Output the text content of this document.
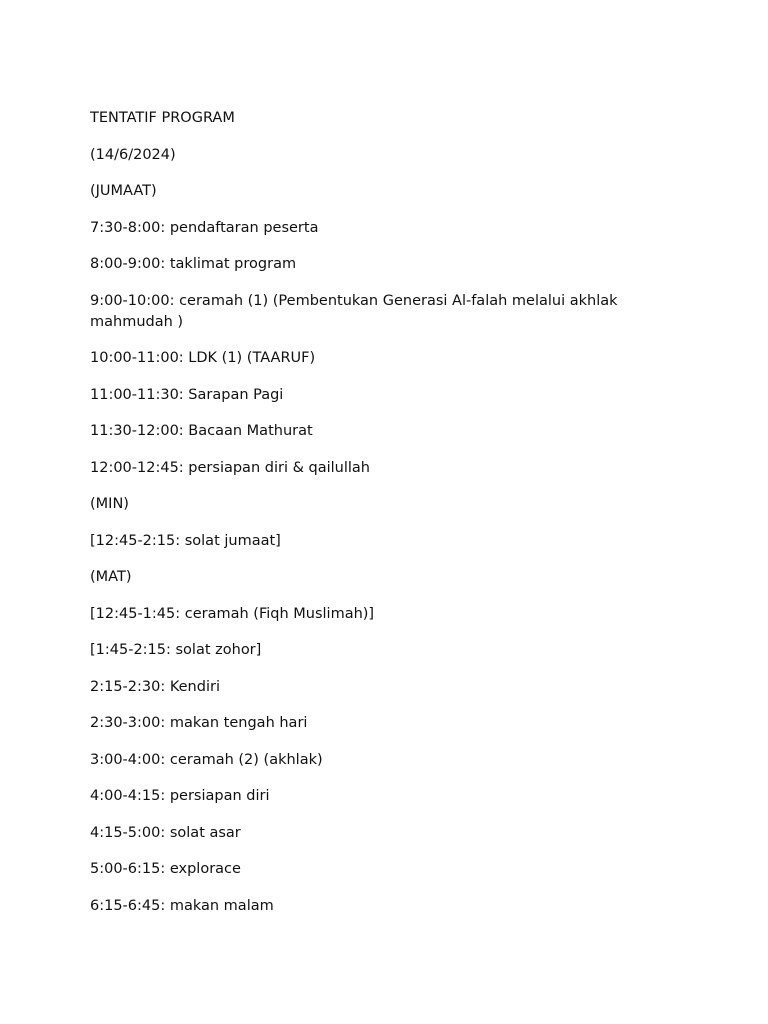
TENTATIF PROGRAM

(14/6/2024)

(JUMAAT)

7:30-8:00: pendaftaran peserta

8:00-9:00: taklimat program

9:00-10:00: ceramah (1) (Pembentukan Generasi Al-falah melalui akhlak mahmudah )

10:00-11:00: LDK (1) (TAARUF)

11:00-11:30: Sarapan Pagi

11:30-12:00: Bacaan Mathurat

12:00-12:45: persiapan diri & qailullah

(MIN)

[12:45-2:15: solat jumaat]

(MAT)

[12:45-1:45: ceramah (Fiqh Muslimah)]

[1:45-2:15: solat zohor]

2:15-2:30: Kendiri

2:30-3:00: makan tengah hari

3:00-4:00: ceramah (2) (akhlak)

4:00-4:15: persiapan diri

4:15-5:00: solat asar

5:00-6:15: explorace

6:15-6:45: makan malam
